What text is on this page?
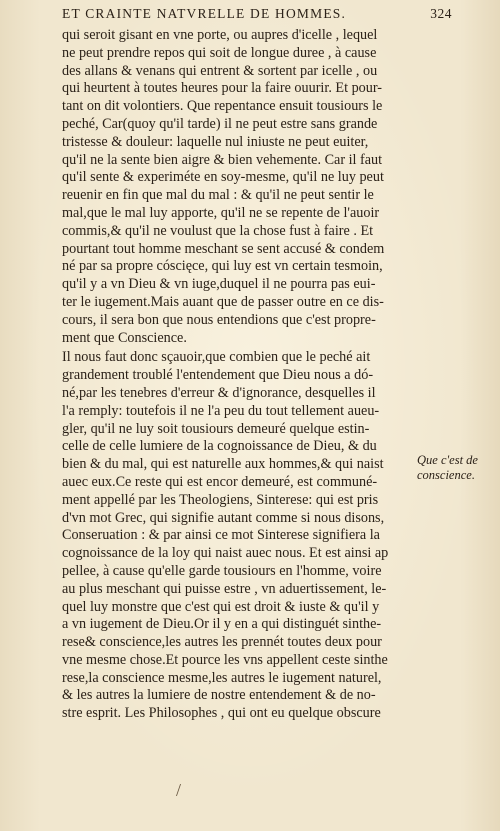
ET CRAINTE NATVRELLE DE HOMMES.	324
qui seroit gisant en vne porte, ou aupres d'icelle , lequel
ne peut prendre repos qui soit de longue duree , à cause
des allans & venans qui entrent & sortent par icelle , ou
qui heurtent à toutes heures pour la faire ouurir. Et pour-
tant on dit volontiers. Que repentance ensuit tousiours le
peché, Car(quoy qu'il tarde) il ne peut estre sans grande
tristesse & douleur: laquelle nul iniuste ne peut euiter,
qu'il ne la sente bien aigre & bien vehemente. Car il faut
qu'il sente & experiméte en soy-mesme, qu'il ne luy peut
reuenir en fin que mal du mal : & qu'il ne peut sentir le
mal,que le mal luy apporte, qu'il ne se repente de l'auoir
commis,& qu'il ne voulust que la chose fust à faire . Et
pourtant tout homme meschant se sent accusé & condem
né par sa propre cóscięce, qui luy est vn certain tesmoin,
qu'il y a vn Dieu & vn iuge,duquel il ne pourra pas eui-
ter le iugement.Mais auant que de passer outre en ce dis-
cours, il sera bon que nous entendions que c'est propre-
ment que Conscience.
Il nous faut donc sçauoir,que combien que le peché ait
grandement troublé l'entendement que Dieu nous a dó-
né,par les tenebres d'erreur & d'ignorance, desquelles il
l'a remply: toutefois il ne l'a peu du tout tellement aueu-
gler, qu'il ne luy soit tousiours demeuré quelque estin-
celle de celle lumiere de la cognoissance de Dieu, & du
bien & du mal, qui est naturelle aux hommes,& qui naist
auec eux.Ce reste qui est encor demeuré, est communé-
ment appellé par les Theologiens, Sinterese: qui est pris
d'vn mot Grec, qui signifie autant comme si nous disons,
Conseruation : & par ainsi ce mot Sinterese signifiera la
cognoissance de la loy qui naist auec nous. Et est ainsi ap
pellee, à cause qu'elle garde tousiours en l'homme, voire
au plus meschant qui puisse estre , vn aduertissement, le-
quel luy monstre que c'est qui est droit & iuste & qu'il y
a vn iugement de Dieu.Or il y en a qui distinguét sinthe-
rese& conscience,les autres les prennét toutes deux pour
vne mesme chose.Et pource les vns appellent ceste sinthe
rese,la conscience mesme,les autres le iugement naturel,
& les autres la lumiere de nostre entendement & de no-
stre esprit. Les Philosophes , qui ont eu quelque obscure
Que c'est de
conscience.
/
